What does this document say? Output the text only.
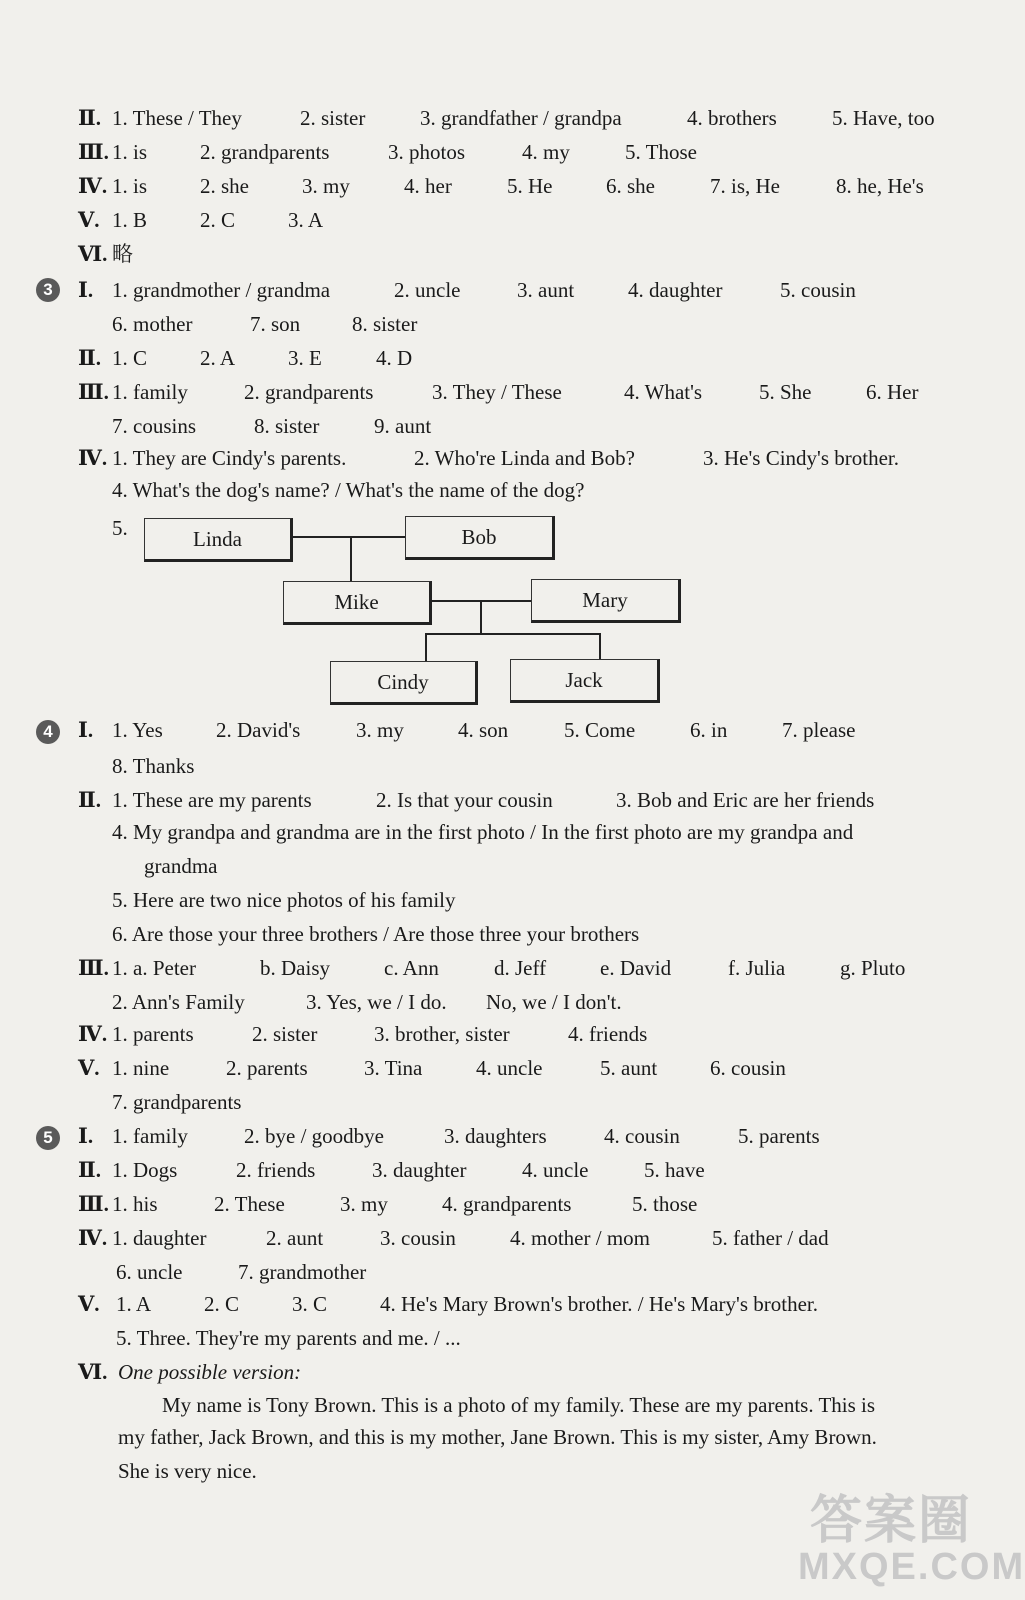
Ⅱ. 1. These / They	2. sister	3. grandfather / grandpa	4. brothers	5. Have, too
Ⅲ. 1. is	2. grandparents	3. photos	4. my	5. Those
Ⅳ. 1. is	2. she	3. my	4. her	5. He	6. she	7. is, He	8. he, He's
Ⅴ. 1. B	2. C	3. A
Ⅵ. 略
3	Ⅰ. 1. grandmother / grandma	2. uncle	3. aunt	4. daughter	5. cousin
6. mother	7. son 8. sister
Ⅱ. 1. C	2. A	3. E	4. D
Ⅲ. 1. family	2. grandparents	3. They / These	4. What's	5. She	6. Her
7. cousins	8. sister	9. aunt
Ⅳ. 1. They are Cindy's parents.	2. Who're Linda and Bob?	3. He's Cindy's brother.
4. What's the dog's name? / What's the name of the dog?
5.	Linda	Bob
Mike	Mary
Cindy	Jack
4	Ⅰ. 1. Yes	2. David's	3. my	4. son	5. Come	6. in	7. please
8. Thanks
Ⅱ. 1. These are my parents	2. Is that your cousin	3. Bob and Eric are her friends
4. My grandpa and grandma are in the first photo / In the first photo are my grandpa and
grandma
5. Here are two nice photos of his family
6. Are those your three brothers / Are those three your brothers
Ⅲ. 1. a. Peter	b. Daisy	c. Ann	d. Jeff	e. David	f. Julia	g. Pluto
2. Ann's Family	3. Yes, we / I do. No, we / I don't.
Ⅳ. 1. parents	2. sister	3. brother, sister	4. friends
Ⅴ. 1. nine	2. parents	3. Tina	4. uncle	5. aunt	6. cousin
7. grandparents
5	Ⅰ. 1. family	2. bye / goodbye	3. daughters	4. cousin	5. parents
Ⅱ. 1. Dogs	2. friends	3. daughter	4. uncle	5. have
Ⅲ. 1. his	2. These	3. my	4. grandparents	5. those
Ⅳ. 1. daughter	2. aunt	3. cousin	4. mother / mom	5. father / dad
6. uncle	7. grandmother
Ⅴ. 1. A	2. C	3. C	4. He's Mary Brown's brother. / He's Mary's brother.
5. Three. They're my parents and me. / ...
Ⅵ. One possible version:
My name is Tony Brown. This is a photo of my family. These are my parents. This is
my father, Jack Brown, and this is my mother, Jane Brown. This is my sister, Amy Brown.
She is very nice.
答案圈
MXQE.COM
